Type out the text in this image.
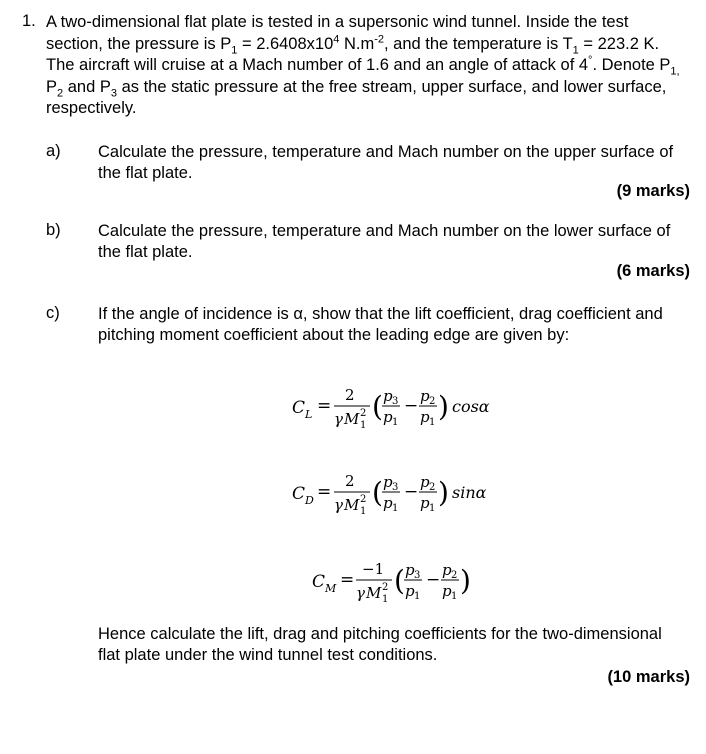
1. A two-dimensional flat plate is tested in a supersonic wind tunnel. Inside the test section, the pressure is $P_1 = 2.6408x10^4$ $N.m^{-2}$, and the temperature is $T_1 = 223.2$ K. The aircraft will cruise at a Mach number of 1.6 and an angle of attack of 4°. Denote $P_{1,}$ $P_2$ and $P_3$ as the static pressure at the free stream, upper surface, and lower surface, respectively.
a) Calculate the pressure, temperature and Mach number on the upper surface of the flat plate.
(9 marks)
b) Calculate the pressure, temperature and Mach number on the lower surface of the flat plate.
(6 marks)
c) If the angle of incidence is α, show that the lift coefficient, drag coefficient and pitching moment coefficient about the leading edge are given by:
C L =
2
γ M 2
1
( p 3
p 1
− p 2
p 1 ) cosα
C D =
2
γ M 2
1
( p 3
p 1
− p 2
p 1 ) sinα
C M =
−1
γ M 2
1
( p 3
p 1
− p 2
p 1 )
Hence calculate the lift, drag and pitching coefficients for the two-dimensional flat plate under the wind tunnel test conditions.
(10 marks)
